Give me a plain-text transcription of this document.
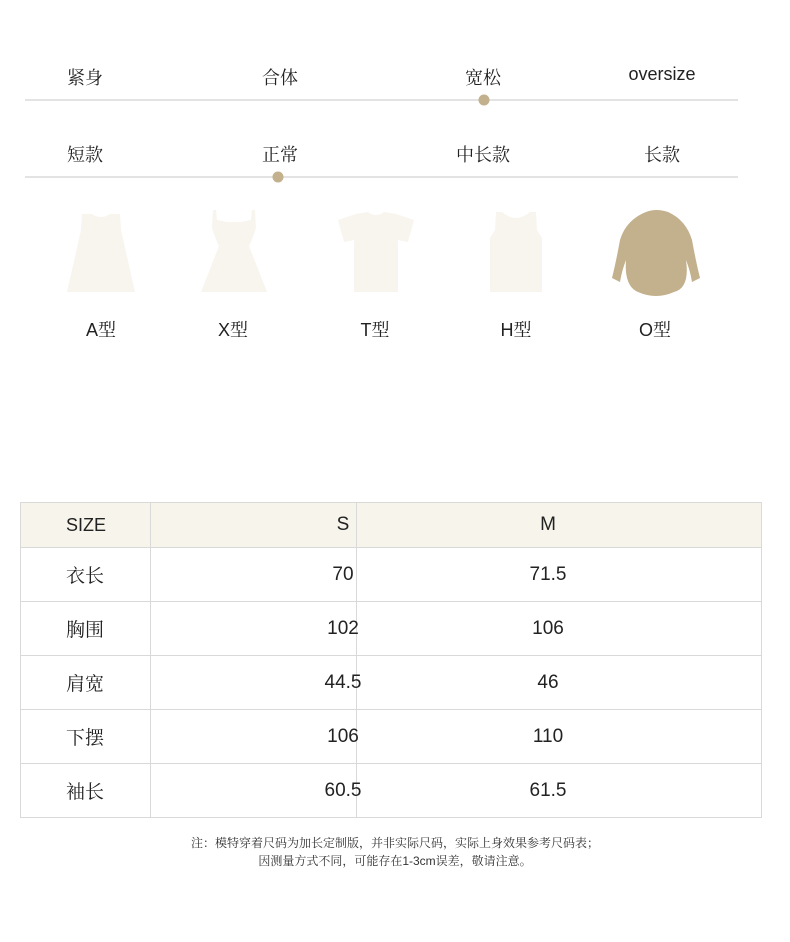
紧身	合体	宽松	oversize
短款	正常	中长款	长款
A型	X型	T型	H型	O型
SIZE	S	M
衣长	70	71.5
胸围	102	106
肩宽	44.5	46
下摆	106	110
袖长	60.5	61.5
注：模特穿着尺码为加长定制版，并非实际尺码，实际上身效果参考尺码表；
因测量方式不同，可能存在1-3cm误差，敬请注意。
